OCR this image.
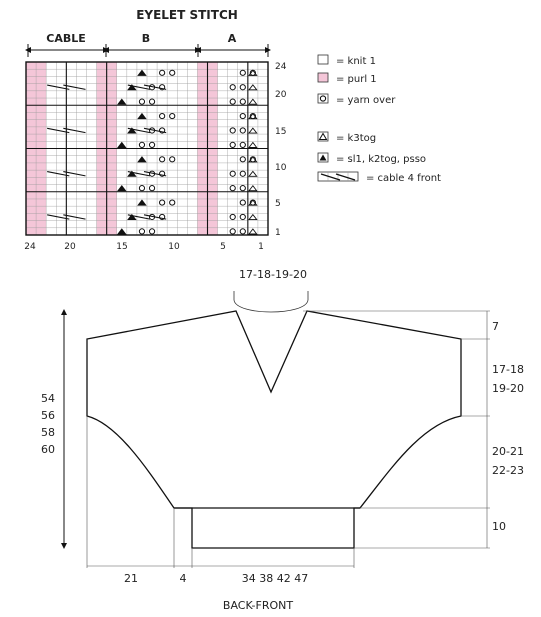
EYELET STITCH
CABLE	B	A
24
20
15
10
5
1
24	20	15	10	5	1
= knit 1
= purl 1
= yarn over
= k3tog
= sl1, k2tog, psso
= cable 4 front
17-18-19-20
54
56
58
60
7
17-18
19-20
20-21
22-23
10
21	4	34 38 42 47
BACK-FRONT
